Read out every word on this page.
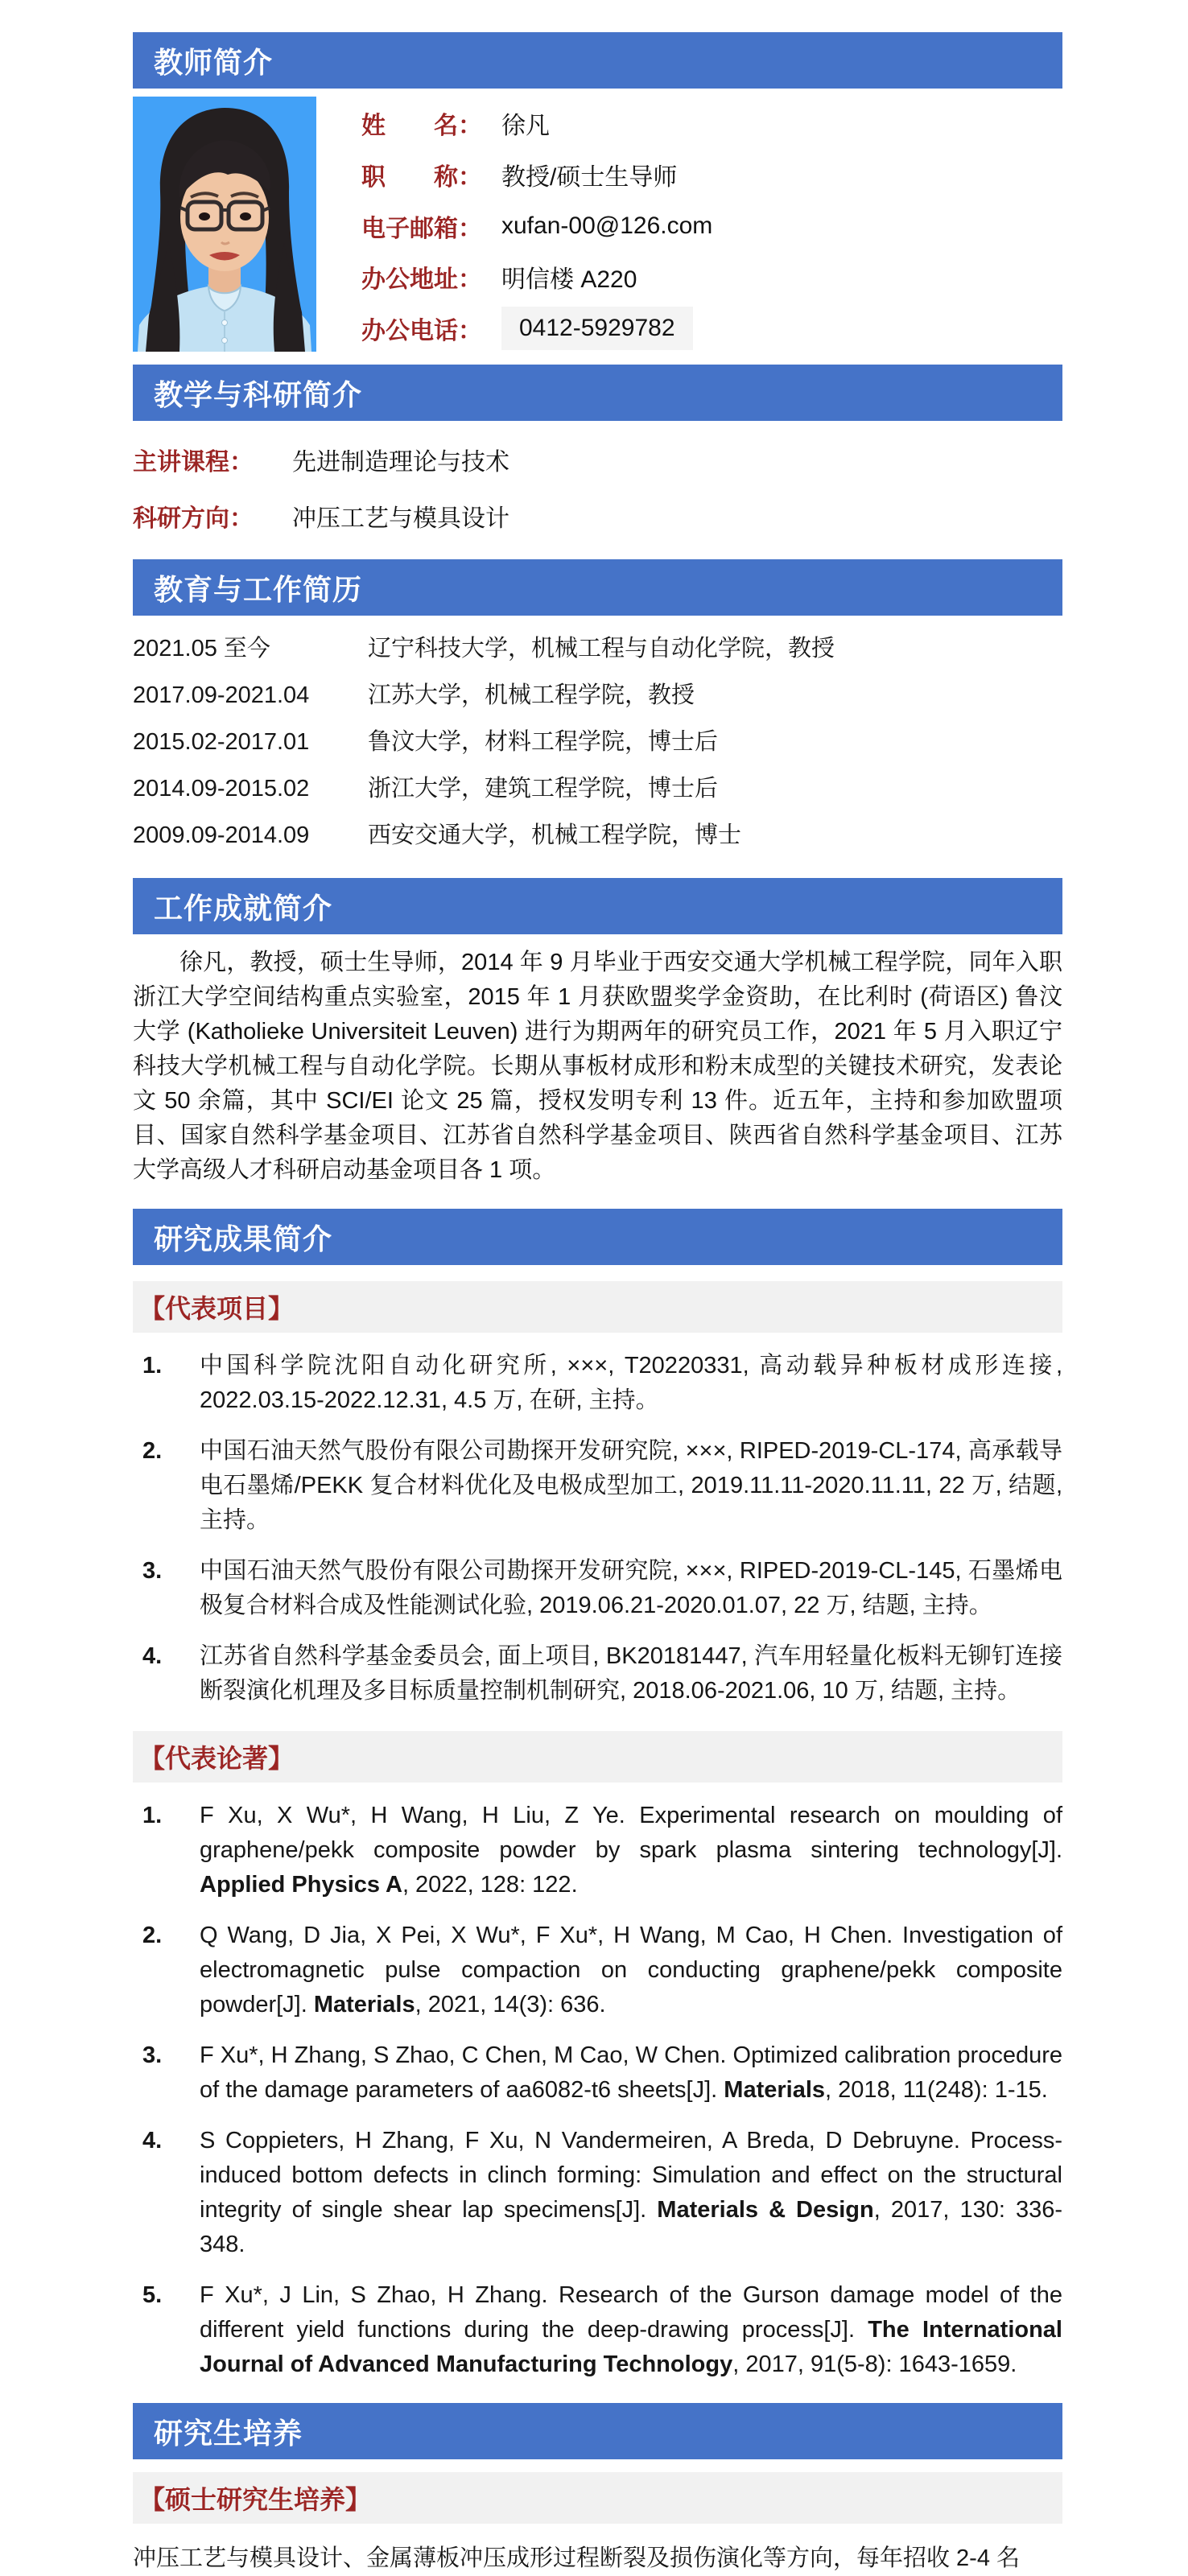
教师简介
姓　　名： 徐凡
职　　称： 教授/硕士生导师
电子邮箱： xufan-00@126.com
办公地址： 明信楼 A220
办公电话：	0412-5929782
教学与科研简介
主讲课程： 先进制造理论与技术
科研方向： 冲压工艺与模具设计
教育与工作简历
2021.05 至今	辽宁科技大学，机械工程与自动化学院，教授
2017.09-2021.04	江苏大学，机械工程学院，教授
2015.02-2017.01	鲁汶大学，材料工程学院，博士后
2014.09-2015.02	浙江大学，建筑工程学院，博士后
2009.09-2014.09	西安交通大学，机械工程学院，博士
工作成就简介

徐凡，教授，硕士生导师，2014 年 9 月毕业于西安交通大学机械工程学院，同年入职浙江大学空间结构重点实验室，2015 年 1 月获欧盟奖学金资助，在比利时 (荷语区) 鲁汶大学 (Katholieke Universiteit Leuven) 进行为期两年的研究员工作，2021 年 5 月入职辽宁科技大学机械工程与自动化学院。长期从事板材成形和粉末成型的关键技术研究，发表论文 50 余篇，其中 SCI/EI 论文 25 篇，授权发明专利 13 件。近五年，主持和参加欧盟项目、国家自然科学基金项目、江苏省自然科学基金项目、陕西省自然科学基金项目、江苏大学高级人才科研启动基金项目各 1 项。

研究成果简介
【代表项目】
1.	中国科学院沈阳自动化研究所, ×××, T20220331, 高动载异种板材成形连接, 2022.03.15-2022.12.31, 4.5 万, 在研, 主持。
2.	中国石油天然气股份有限公司勘探开发研究院, ×××, RIPED-2019-CL-174, 高承载导电石墨烯/PEKK 复合材料优化及电极成型加工, 2019.11.11-2020.11.11, 22 万, 结题, 主持。
3.	中国石油天然气股份有限公司勘探开发研究院, ×××, RIPED-2019-CL-145, 石墨烯电极复合材料合成及性能测试化验, 2019.06.21-2020.01.07, 22 万, 结题, 主持。
4.	江苏省自然科学基金委员会, 面上项目, BK20181447, 汽车用轻量化板料无铆钉连接断裂演化机理及多目标质量控制机制研究, 2018.06-2021.06, 10 万, 结题, 主持。
【代表论著】
1.	F Xu, X Wu*, H Wang, H Liu, Z Ye. Experimental research on moulding of graphene/pekk composite powder by spark plasma sintering technology[J]. Applied Physics A, 2022, 128: 122.
2.	Q Wang, D Jia, X Pei, X Wu*, F Xu*, H Wang, M Cao, H Chen. Investigation of electromagnetic pulse compaction on conducting graphene/pekk composite powder[J]. Materials, 2021, 14(3): 636.
3.	F Xu*, H Zhang, S Zhao, C Chen, M Cao, W Chen. Optimized calibration procedure of the damage parameters of aa6082-t6 sheets[J]. Materials, 2018, 11(248): 1-15.
4.	S Coppieters, H Zhang, F Xu, N Vandermeiren, A Breda, D Debruyne. Process-induced bottom defects in clinch forming: Simulation and effect on the structural integrity of single shear lap specimens[J]. Materials & Design, 2017, 130: 336-348.
5.	F Xu*, J Lin, S Zhao, H Zhang. Research of the Gurson damage model of the different yield functions during the deep-drawing process[J]. The International Journal of Advanced Manufacturing Technology, 2017, 91(5-8): 1643-1659.
研究生培养
【硕士研究生培养】
冲压工艺与模具设计、金属薄板冲压成形过程断裂及损伤演化等方向，每年招收 2-4 名
